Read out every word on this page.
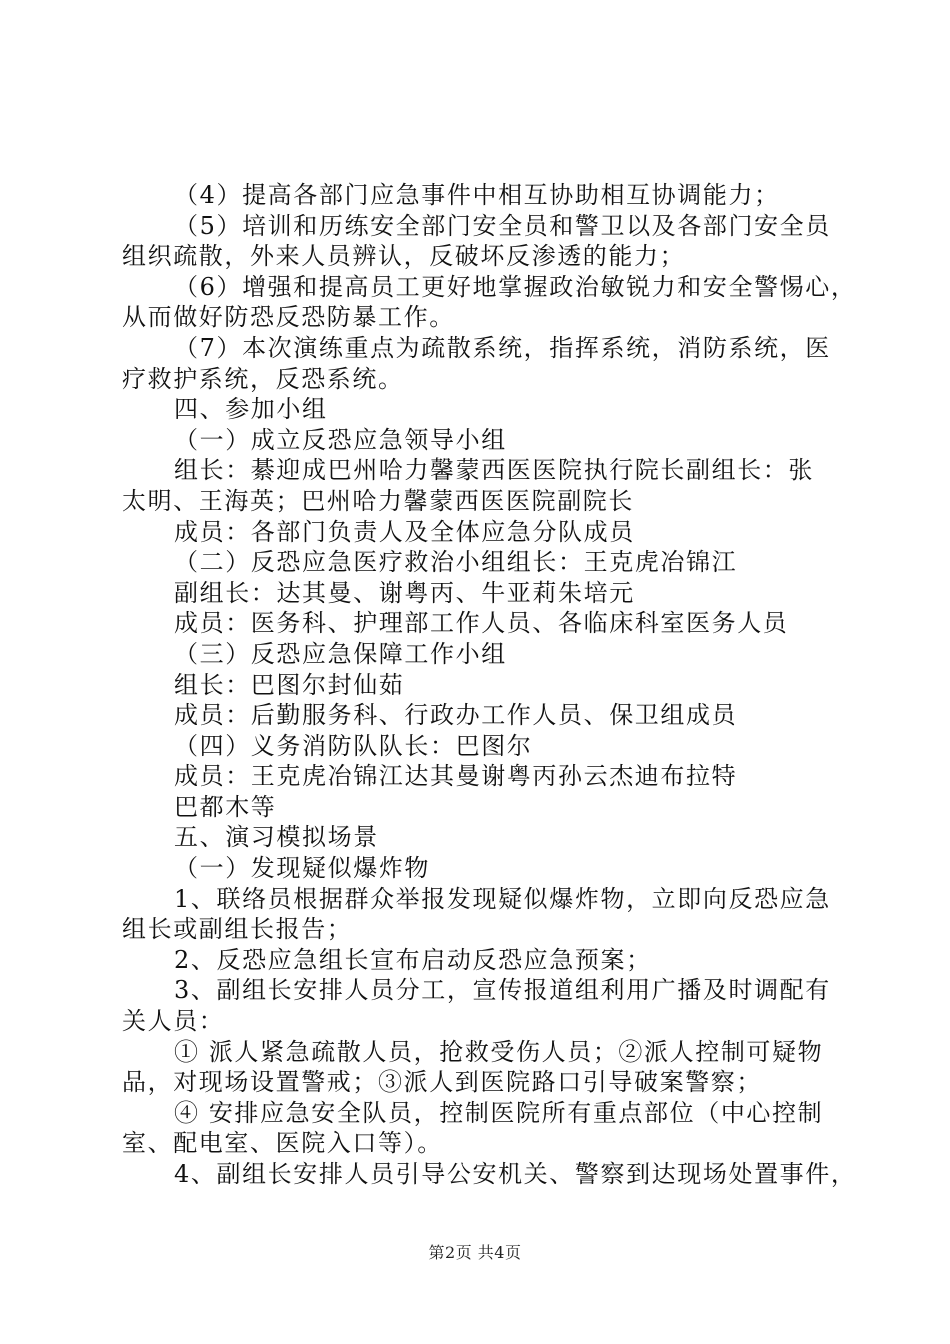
（4）提高各部门应急事件中相互协助相互协调能力；
（5）培训和历练安全部门安全员和警卫以及各部门安全员
组织疏散，外来人员辨认，反破坏反渗透的能力；
（6）增强和提高员工更好地掌握政治敏锐力和安全警惕心，
从而做好防恐反恐防暴工作。
（7）本次演练重点为疏散系统，指挥系统，消防系统，医
疗救护系统，反恐系统。
四、参加小组
（一）成立反恐应急领导小组
组长：綦迎成巴州哈力馨蒙西医医院执行院长副组长：张
太明、王海英；巴州哈力馨蒙西医医院副院长
成员：各部门负责人及全体应急分队成员
（二）反恐应急医疗救治小组组长：王克虎冶锦江
副组长：达其曼、谢粤丙、牛亚莉朱培元
成员：医务科、护理部工作人员、各临床科室医务人员
（三）反恐应急保障工作小组
组长：巴图尔封仙茹
成员：后勤服务科、行政办工作人员、保卫组成员
（四）义务消防队队长：巴图尔
成员：王克虎冶锦江达其曼谢粤丙孙云杰迪布拉特
巴都木等
五、演习模拟场景
（一）发现疑似爆炸物
1、联络员根据群众举报发现疑似爆炸物，立即向反恐应急
组长或副组长报告；
2、反恐应急组长宣布启动反恐应急预案；
3、副组长安排人员分工，宣传报道组利用广播及时调配有
关人员：
① 派人紧急疏散人员，抢救受伤人员；②派人控制可疑物
品，对现场设置警戒；③派人到医院路口引导破案警察；
④ 安排应急安全队员，控制医院所有重点部位（中心控制
室、配电室、医院入口等）。
4、副组长安排人员引导公安机关、警察到达现场处置事件，
第2页 共4页
